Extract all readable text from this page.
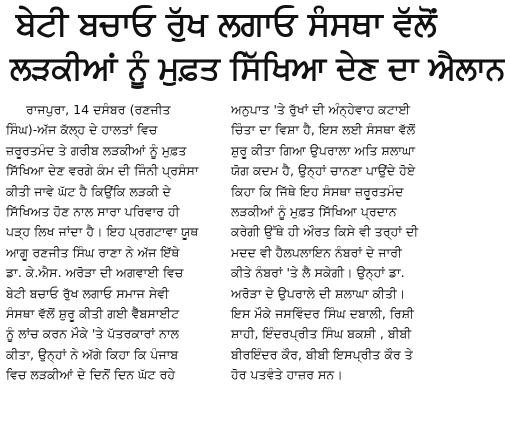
ਬੇਟੀ ਬਚਾਓ ਰੁੱਖ ਲਗਾਓ ਸੰਸਥਾ ਵੱਲੋਂ
ਲੜਕੀਆਂ ਨੂੰ ਮੁਫ਼ਤ ਸਿੱਖਿਆ ਦੇਣ ਦਾ ਐਲਾਨ
ਰਾਜਪੁਰਾ, 14 ਦਸੰਬਰ (ਰਣਜੀਤ
ਸਿੰਘ)-ਅੱਜ ਕੱਲ੍ਹ ਦੇ ਹਾਲਤਾਂ ਵਿਚ
ਜ਼ਰੂਰਤਮੰਦ ਤੇ ਗਰੀਬ ਲੜਕੀਆਂ ਨੂੰ ਮੁਫ਼ਤ
ਸਿੱਖਿਆ ਦੇਣ ਵਰਗੇ ਕੰਮ ਦੀ ਜਿੰਨੀ ਪ੍ਰਸੰਸਾ
ਕੀਤੀ ਜਾਵੇ ਘੱਟ ਹੈ ਕਿਉਂਕਿ ਲੜਕੀ ਦੇ
ਸਿੱਖਿਅਤ ਹੋਣ ਨਾਲ ਸਾਰਾ ਪਰਿਵਾਰ ਹੀ
ਪੜ੍ਹ ਲਿਖ ਜਾਂਦਾ ਹੈ। ਇਹ ਪ੍ਰਗਟਾਵਾ ਯੂਥ
ਆਗੂ ਰਣਜੀਤ ਸਿੰਘ ਰਾਣਾ ਨੇ ਅੱਜ ਇੱਥੇ
ਡਾ. ਕੇ.ਐਸ. ਅਰੋੜਾ ਦੀ ਅਗਵਾਈ ਵਿਚ
ਬੇਟੀ ਬਚਾਓ ਰੁੱਖ ਲਗਾਓ ਸਮਾਜ ਸੇਵੀ
ਸੰਸਥਾ ਵੱਲੋਂ ਸ਼ੁਰੂ ਕੀਤੀ ਗਈ ਵੈੱਬਸਾਈਟ
ਨੂੰ ਲਾਂਚ ਕਰਨ ਮੌਕੇ 'ਤੇ ਪੱਤਰਕਾਰਾਂ ਨਾਲ
ਕੀਤਾ, ਉਨ੍ਹਾਂ ਨੇ ਅੱਗੇ ਕਿਹਾ ਕਿ ਪੰਜਾਬ
ਵਿਚ ਲੜਕੀਆਂ ਦੇ ਦਿਨੋਂ ਦਿਨ ਘੱਟ ਰਹੇ
ਅਨੁਪਾਤ 'ਤੇ ਰੁੱਖਾਂ ਦੀ ਅੰਨ੍ਹੇਵਾਹ ਕਟਾਈ
ਚਿੰਤਾ ਦਾ ਵਿਸ਼ਾ ਹੈ, ਇਸ ਲਈ ਸੰਸਥਾ ਵੱਲੋਂ
ਸ਼ੁਰੂ ਕੀਤਾ ਗਿਆ ਉਪਰਾਲਾ ਅਤਿ ਸ਼ਲਾਘਾ
ਯੋਗ ਕਦਮ ਹੈ, ਉਨ੍ਹਾਂ ਚਾਨਣਾ ਪਾਉਂਦੇ ਹੋਏ
ਕਿਹਾ ਕਿ ਜਿੱਥੇ ਇਹ ਸੰਸਥਾ ਜ਼ਰੂਰਤਮੰਦ
ਲੜਕੀਆਂ ਨੂੰ ਮੁਫ਼ਤ ਸਿੱਖਿਆ ਪ੍ਰਦਾਨ
ਕਰੇਗੀ ਉੱਥੇ ਹੀ ਔਰਤ ਕਿਸੇ ਵੀ ਤਰ੍ਹਾਂ ਦੀ
ਮਦਦ ਵੀ ਹੈਲਪਲਾਇਨ ਨੰਬਰਾਂ ਦੇ ਜਾਰੀ
ਕੀਤੇ ਨੰਬਰਾਂ 'ਤੇ ਲੈ ਸਕੇਗੀ। ਉਨ੍ਹਾਂ ਡਾ.
ਅਰੋੜਾ ਦੇ ਉਪਰਾਲੇ ਦੀ ਸ਼ਲਾਘਾ ਕੀਤੀ।
ਇਸ ਮੌਕੇ ਜਸਵਿੰਦਰ ਸਿੰਘ ਦਬਾਲੀ, ਰਿਸ਼ੀ
ਸ਼ਾਹੀ, ਇੰਦਰਪ੍ਰੀਤ ਸਿੰਘ ਬਕਸ਼ੀ , ਬੀਬੀ
ਬੀਰਇੰਦਰ ਕੌਰ, ਬੀਬੀ ਇਸਪ੍ਰੀਤ ਕੌਰ ਤੇ
ਹੋਰ ਪਤਵੰਤੇ ਹਾਜ਼ਰ ਸਨ।
